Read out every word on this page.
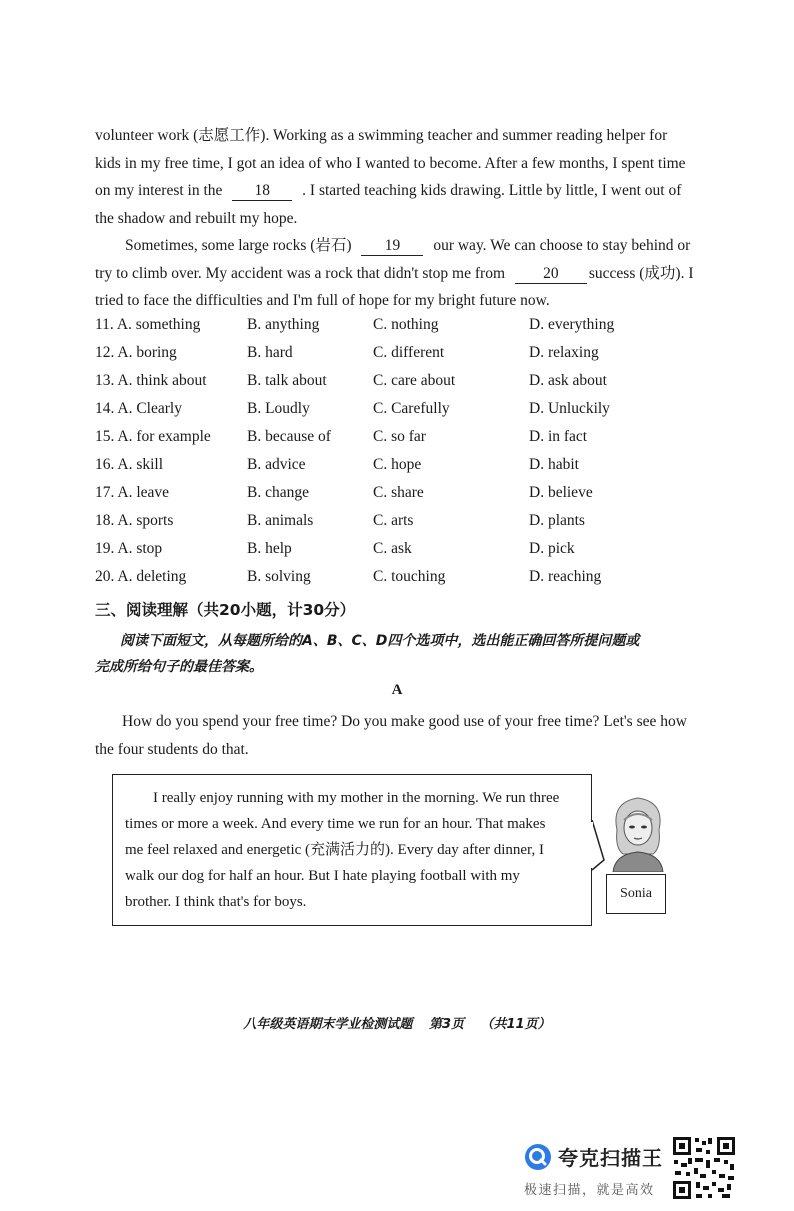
volunteer work (志愿工作). Working as a swimming teacher and summer reading helper for

kids in my free time, I got an idea of who I wanted to become. After a few months, I spent time

on my interest in the 18 . I started teaching kids drawing. Little by little, I went out of

the shadow and rebuilt my hope.

Sometimes, some large rocks (岩石) 19 our way. We can choose to stay behind or

try to climb over. My accident was a rock that didn't stop me from 20 success (成功). I

tried to face the difficulties and I'm full of hope for my bright future now.

11. A. something	B. anything	C. nothing	D. everything
12. A. boring	B. hard	C. different	D. relaxing
13. A. think about	B. talk about	C. care about	D. ask about
14. A. Clearly	B. Loudly	C. Carefully	D. Unluckily
15. A. for example B. because of	C. so far	D. in fact
16. A. skill	B. advice	C. hope	D. habit
17. A. leave	B. change	C. share	D. believe
18. A. sports	B. animals	C. arts	D. plants
19. A. stop	B. help	C. ask	D. pick
20. A. deleting	B. solving	C. touching	D. reaching
三、阅读理解（共20小题，计30分）
阅读下面短文，从每题所给的A、B、C、D四个选项中，选出能正确回答所提问题或
完成所给句子的最佳答案。
A

How do you spend your free time? Do you make good use of your free time? Let's see how

the four students do that.

I really enjoy running with my mother in the morning. We run three

times or more a week. And every time we run for an hour. That makes

me feel relaxed and energetic (充满活力的). Every day after dinner, I

walk our dog for half an hour. But I hate playing football with my

brother. I think that's for boys.

Sonia
八年级英语期末学业检测试题 第3页 （共11页）
夸克扫描王
极速扫描，就是高效
